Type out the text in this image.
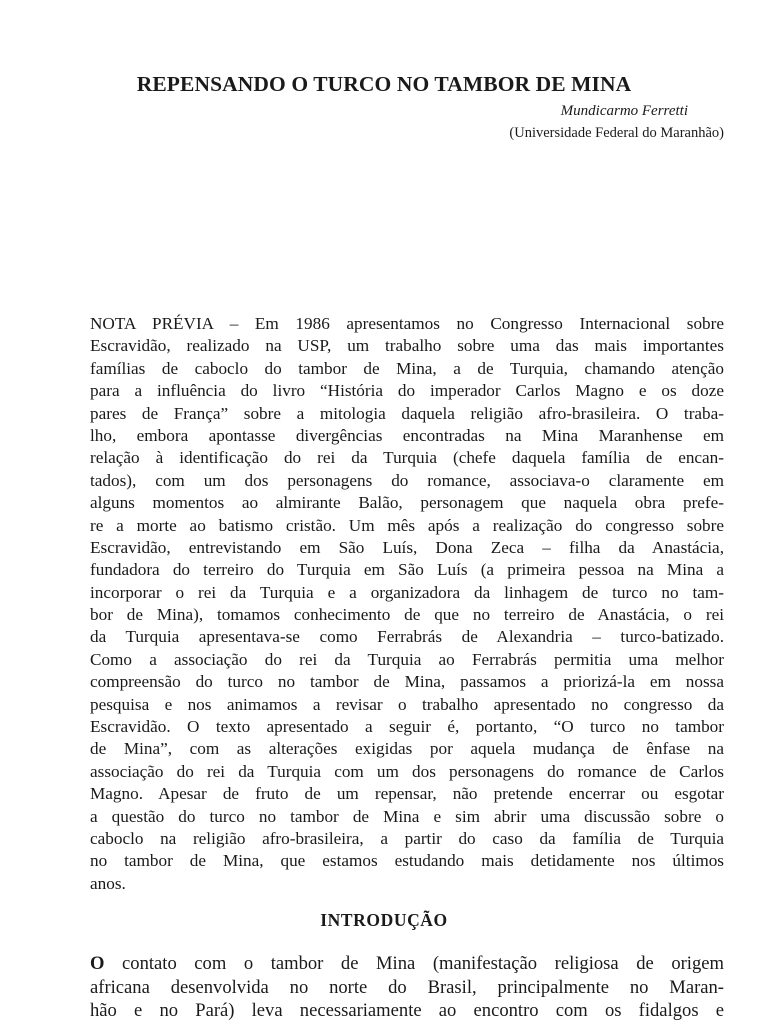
REPENSANDO O TURCO NO TAMBOR DE MINA

Mundicarmo Ferretti

(Universidade Federal do Maranhão)

NOTA PRÉVIA – Em 1986 apresentamos no Congresso Internacional sobre
Escravidão, realizado na USP, um trabalho sobre uma das mais importantes
famílias de caboclo do tambor de Mina, a de Turquia, chamando atenção
para a influência do livro “História do imperador Carlos Magno e os doze
pares de França” sobre a mitologia daquela religião afro-brasileira. O traba-
lho, embora apontasse divergências encontradas na Mina Maranhense em
relação à identificação do rei da Turquia (chefe daquela família de encan-
tados), com um dos personagens do romance, associava-o claramente em
alguns momentos ao almirante Balão, personagem que naquela obra prefe-
re a morte ao batismo cristão. Um mês após a realização do congresso sobre
Escravidão, entrevistando em São Luís, Dona Zeca – filha da Anastácia,
fundadora do terreiro do Turquia em São Luís (a primeira pessoa na Mina a
incorporar o rei da Turquia e a organizadora da linhagem de turco no tam-
bor de Mina), tomamos conhecimento de que no terreiro de Anastácia, o rei
da Turquia apresentava-se como Ferrabrás de Alexandria – turco-batizado.
Como a associação do rei da Turquia ao Ferrabrás permitia uma melhor
compreensão do turco no tambor de Mina, passamos a priorizá-la em nossa
pesquisa e nos animamos a revisar o trabalho apresentado no congresso da
Escravidão. O texto apresentado a seguir é, portanto, “O turco no tambor
de Mina”, com as alterações exigidas por aquela mudança de ênfase na
associação do rei da Turquia com um dos personagens do romance de Carlos
Magno. Apesar de fruto de um repensar, não pretende encerrar ou esgotar
a questão do turco no tambor de Mina e sim abrir uma discussão sobre o
caboclo na religião afro-brasileira, a partir do caso da família de Turquia
no tambor de Mina, que estamos estudando mais detidamente nos últimos
anos.
INTRODUÇÃO
O contato com o tambor de Mina (manifestação religiosa de origem
africana desenvolvida no norte do Brasil, principalmente no Maran-
hão e no Pará) leva necessariamente ao encontro com os fidalgos e
